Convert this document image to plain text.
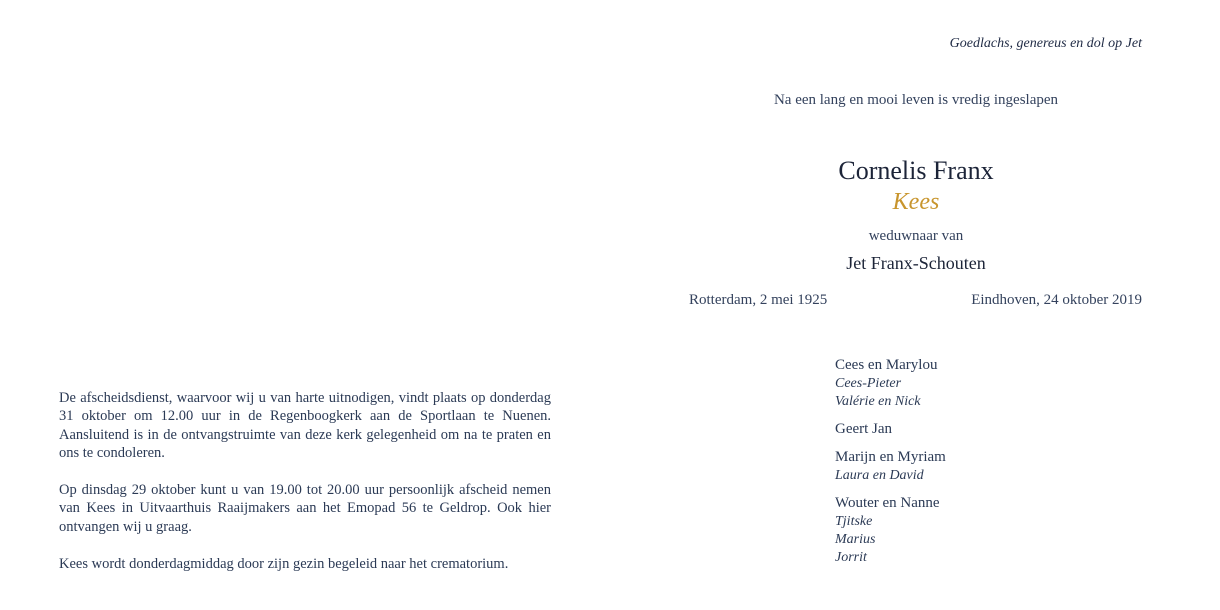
Goedlachs, genereus en dol op Jet
Na een lang en mooi leven is vredig ingeslapen
Cornelis Franx
Kees
weduwnaar van
Jet Franx-Schouten
Rotterdam, 2 mei 1925	Eindhoven, 24 oktober 2019
Cees en Marylou
Cees-Pieter
Valérie en Nick
Geert Jan
Marijn en Myriam
Laura en David
Wouter en Nanne
Tjitske
Marius
Jorrit

De afscheidsdienst, waarvoor wij u van harte uitnodigen, vindt plaats op donderdag 31 oktober om 12.00 uur in de Regenboogkerk aan de Sportlaan te Nuenen. Aansluitend is in de ontvangstruimte van deze kerk gelegenheid om na te praten en ons te condoleren.

Op dinsdag 29 oktober kunt u van 19.00 tot 20.00 uur persoonlijk afscheid nemen van Kees in Uitvaarthuis Raaijmakers aan het Emopad 56 te Geldrop. Ook hier ontvangen wij u graag.

Kees wordt donderdagmiddag door zijn gezin begeleid naar het crematorium.
